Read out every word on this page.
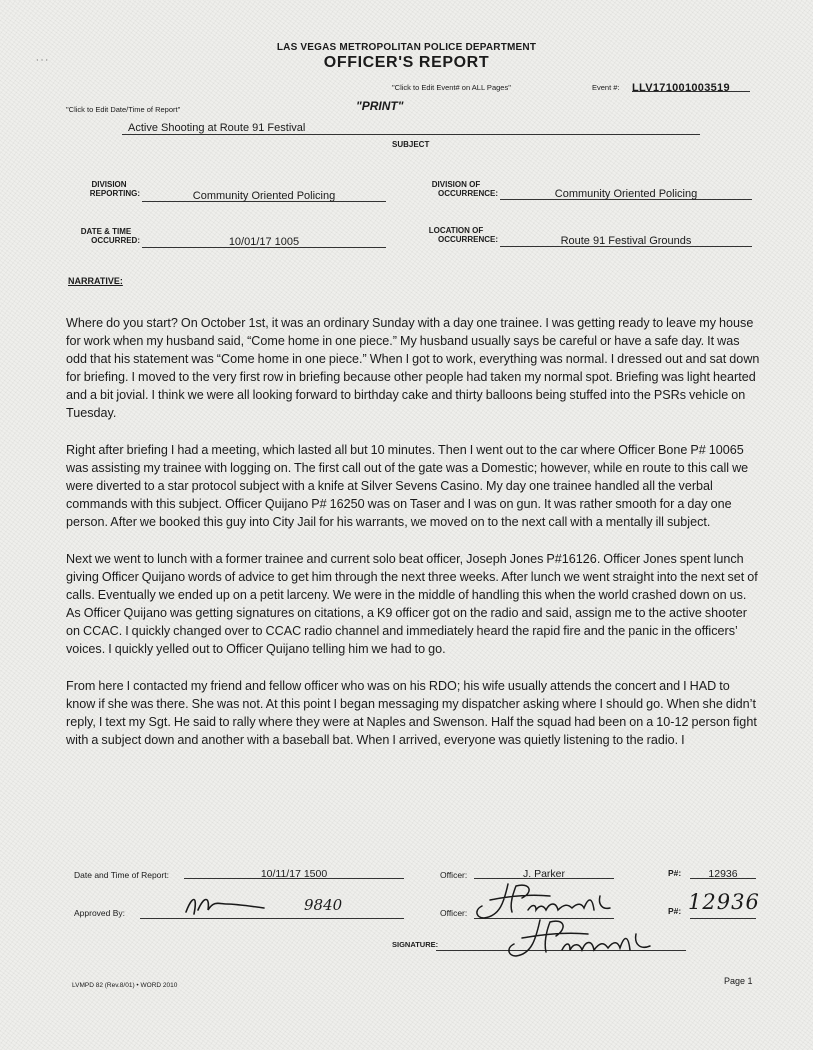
⋅ ⋅ ⋅
LAS VEGAS METROPOLITAN POLICE DEPARTMENT
OFFICER'S REPORT
"Click to Edit Event# on ALL Pages"	Event #: LLV171001003519
"Click to Edit Date/Time of Report"	"PRINT"
Active Shooting at Route 91 Festival
SUBJECT
DIVISION
REPORTING:	Community Oriented Policing
DIVISION OF
OCCURRENCE:	Community Oriented Policing
DATE & TIME
OCCURRED:	10/01/17 1005
LOCATION OF
OCCURRENCE:	Route 91 Festival Grounds
NARRATIVE:

Where do you start? On October 1st, it was an ordinary Sunday with a day one trainee. I was getting ready to leave my house for work when my husband said, “Come home in one piece.” My husband usually says be careful or have a safe day. It was odd that his statement was “Come home in one piece.” When I got to work, everything was normal. I dressed out and sat down for briefing. I moved to the very first row in briefing because other people had taken my normal spot. Briefing was light hearted and a bit jovial. I think we were all looking forward to birthday cake and thirty balloons being stuffed into the PSRs vehicle on Tuesday.

Right after briefing I had a meeting, which lasted all but 10 minutes. Then I went out to the car where Officer Bone P# 10065 was assisting my trainee with logging on. The first call out of the gate was a Domestic; however, while en route to this call we were diverted to a star protocol subject with a knife at Silver Sevens Casino. My day one trainee handled all the verbal commands with this subject. Officer Quijano P# 16250 was on Taser and I was on gun. It was rather smooth for a day one person. After we booked this guy into City Jail for his warrants, we moved on to the next call with a mentally ill subject.

Next we went to lunch with a former trainee and current solo beat officer, Joseph Jones P#16126. Officer Jones spent lunch giving Officer Quijano words of advice to get him through the next three weeks. After lunch we went straight into the next set of calls. Eventually we ended up on a petit larceny. We were in the middle of handling this when the world crashed down on us. As Officer Quijano was getting signatures on citations, a K9 officer got on the radio and said, assign me to the active shooter on CCAC. I quickly changed over to CCAC radio channel and immediately heard the rapid fire and the panic in the officers’ voices. I quickly yelled out to Officer Quijano telling him we had to go.

From here I contacted my friend and fellow officer who was on his RDO; his wife usually attends the concert and I HAD to know if she was there. She was not. At this point I began messaging my dispatcher asking where I should go. When she didn’t reply, I text my Sgt. He said to rally where they were at Naples and Swenson. Half the squad had been on a 10-12 person fight with a subject down and another with a baseball bat. When I arrived, everyone was quietly listening to the radio. I

Date and Time of Report:	10/11/17 1500	Officer:	J. Parker	P#:	12936
Approved By:	9840	Officer:	P#: 12936
SIGNATURE:
LVMPD 82 (Rev.8/01) • WORD 2010	Page 1
